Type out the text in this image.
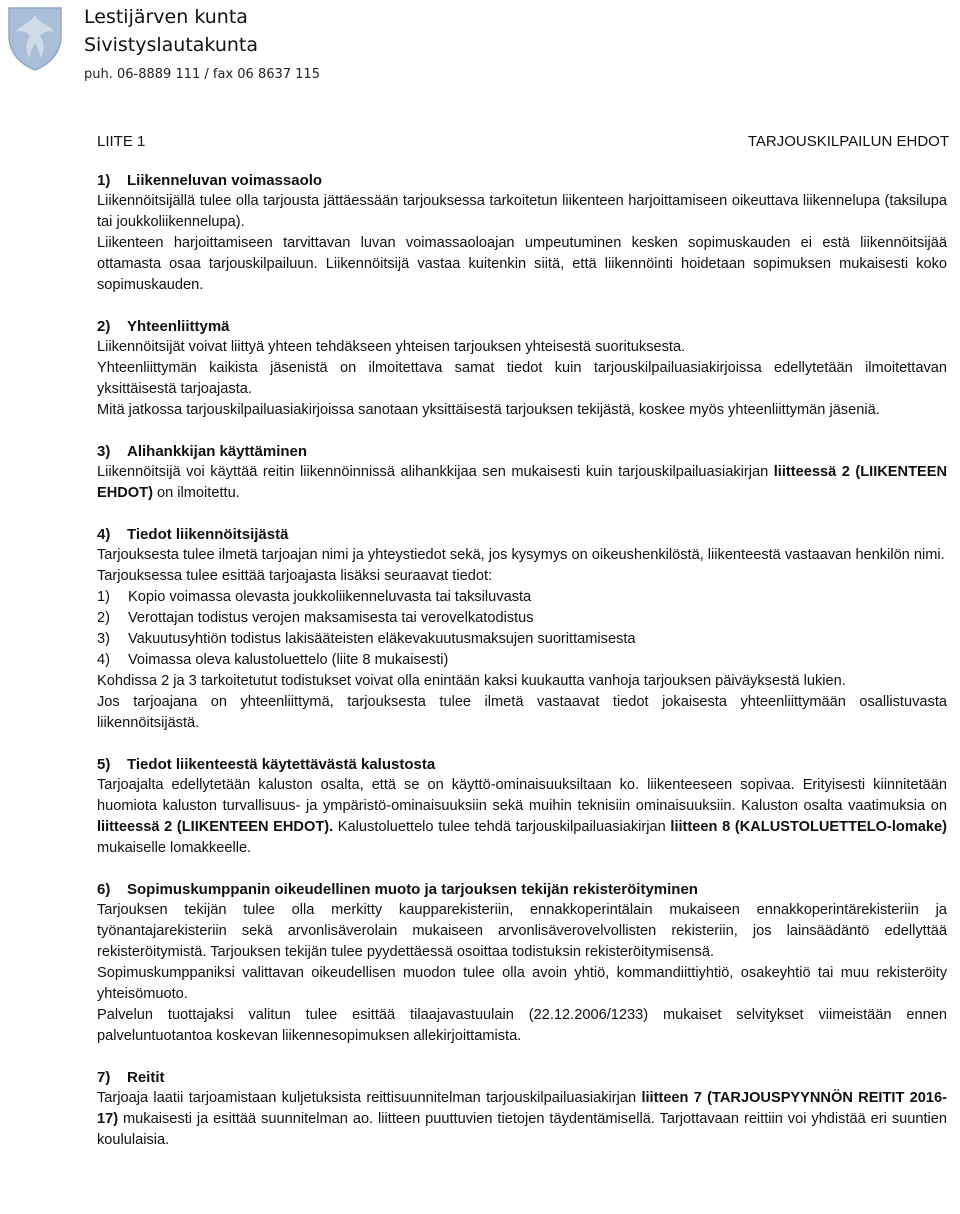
Lestijärven kunta
Sivistyslautakunta
puh. 06-8889 111 / fax 06 8637 115
LIITE 1	TARJOUSKILPAILUN EHDOT
1)	Liikenneluvan voimassaolo
Liikennöitsijällä tulee olla tarjousta jättäessään tarjouksessa tarkoitetun liikenteen harjoittamiseen oikeuttava liikennelupa (taksilupa tai joukkoliikennelupa).
Liikenteen harjoittamiseen tarvittavan luvan voimassaoloajan umpeutuminen kesken sopimuskauden ei estä liikennöitsijää ottamasta osaa tarjouskilpailuun. Liikennöitsijä vastaa kuitenkin siitä, että liikennöinti hoidetaan sopimuksen mukaisesti koko sopimuskauden.
2)	Yhteenliittymä
Liikennöitsijät voivat liittyä yhteen tehdäkseen yhteisen tarjouksen yhteisestä suorituksesta.
Yhteenliittymän kaikista jäsenistä on ilmoitettava samat tiedot kuin tarjouskilpailuasiakirjoissa edellytetään ilmoitettavan yksittäisestä tarjoajasta.
Mitä jatkossa tarjouskilpailuasiakirjoissa sanotaan yksittäisestä tarjouksen tekijästä, koskee myös yhteenliittymän jäseniä.
3)	Alihankkijan käyttäminen
Liikennöitsijä voi käyttää reitin liikennöinnissä alihankkijaa sen mukaisesti kuin tarjouskilpailuasiakirjan liitteessä 2 (LIIKENTEEN EHDOT) on ilmoitettu.
4)	Tiedot liikennöitsijästä
Tarjouksesta tulee ilmetä tarjoajan nimi ja yhteystiedot sekä, jos kysymys on oikeushenkilöstä, liikenteestä vastaavan henkilön nimi.
Tarjouksessa tulee esittää tarjoajasta lisäksi seuraavat tiedot:
1)	Kopio voimassa olevasta joukkoliikenneluvasta tai taksiluvasta
2)	Verottajan todistus verojen maksamisesta tai verovelkatodistus
3)	Vakuutusyhtiön todistus lakisääteisten eläkevakuutusmaksujen suorittamisesta
4)	Voimassa oleva kalustoluettelo (liite 8 mukaisesti)
Kohdissa 2 ja 3 tarkoitetutut todistukset voivat olla enintään kaksi kuukautta vanhoja tarjouksen päiväyksestä lukien.
Jos tarjoajana on yhteenliittymä, tarjouksesta tulee ilmetä vastaavat tiedot jokaisesta yhteenliittymään osallistuvasta liikennöitsijästä.
5)	Tiedot liikenteestä käytettävästä kalustosta
Tarjoajalta edellytetään kaluston osalta, että se on käyttö-ominaisuuksiltaan ko. liikenteeseen sopivaa. Erityisesti kiinnitetään huomiota kaluston turvallisuus- ja ympäristö-ominaisuuksiin sekä muihin teknisiin ominaisuuksiin. Kaluston osalta vaatimuksia on liitteessä 2 (LIIKENTEEN EHDOT). Kalustoluettelo tulee tehdä tarjouskilpailuasiakirjan liitteen 8 (KALUSTOLUETTELO-lomake) mukaiselle lomakkeelle.
6)	Sopimuskumppanin oikeudellinen muoto ja tarjouksen tekijän rekisteröityminen
Tarjouksen tekijän tulee olla merkitty kaupparekisteriin, ennakkoperintälain mukaiseen ennakkoperintärekisteriin ja työnantajarekisteriin sekä arvonlisäverolain mukaiseen arvonlisäverovelvollisten rekisteriin, jos lainsäädäntö edellyttää rekisteröitymistä. Tarjouksen tekijän tulee pyydettäessä osoittaa todistuksin rekisteröitymisensä.
Sopimuskumppaniksi valittavan oikeudellisen muodon tulee olla avoin yhtiö, kommandiittiyhtiö, osakeyhtiö tai muu rekisteröity yhteisömuoto.
Palvelun tuottajaksi valitun tulee esittää tilaajavastuulain (22.12.2006/1233) mukaiset selvitykset viimeistään ennen palveluntuotantoa koskevan liikennesopimuksen allekirjoittamista.
7)	Reitit
Tarjoaja laatii tarjoamistaan kuljetuksista reittisuunnitelman tarjouskilpailuasiakirjan liitteen 7 (TARJOUSPYYNNÖN REITIT 2016-17) mukaisesti ja esittää suunnitelman ao. liitteen puuttuvien tietojen täydentämisellä. Tarjottavaan reittiin voi yhdistää eri suuntien koululaisia.
